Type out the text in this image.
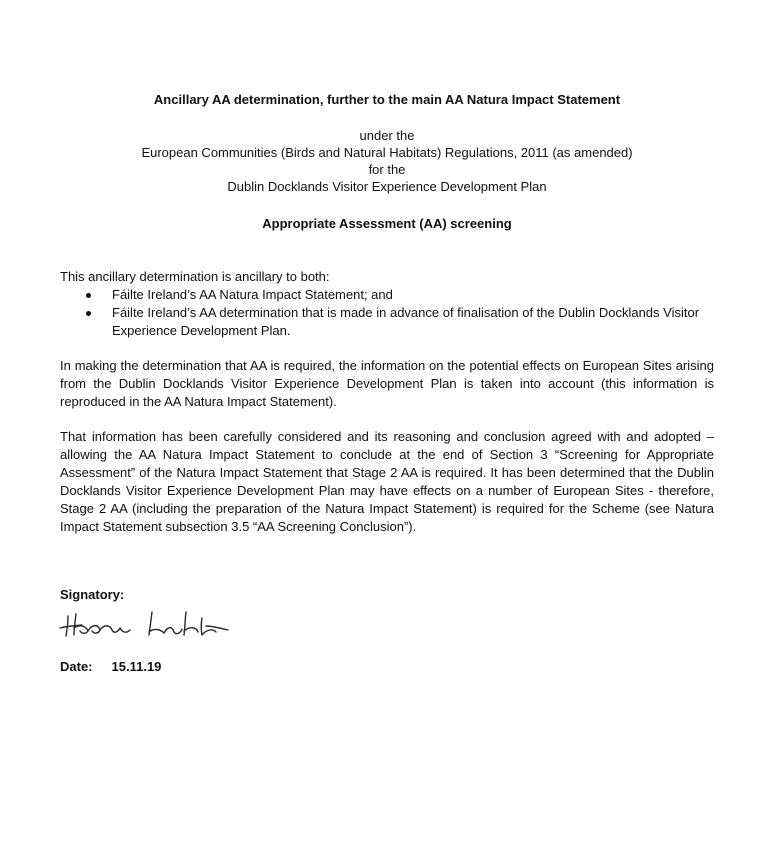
Ancillary AA determination, further to the main AA Natura Impact Statement
under the
European Communities (Birds and Natural Habitats) Regulations, 2011 (as amended)
for the
Dublin Docklands Visitor Experience Development Plan
Appropriate Assessment (AA) screening
This ancillary determination is ancillary to both:
Fáilte Ireland’s AA Natura Impact Statement; and
Fáilte Ireland’s AA determination that is made in advance of finalisation of the Dublin Docklands Visitor Experience Development Plan.
In making the determination that AA is required, the information on the potential effects on European Sites arising from the Dublin Docklands Visitor Experience Development Plan is taken into account (this information is reproduced in the AA Natura Impact Statement).
That information has been carefully considered and its reasoning and conclusion agreed with and adopted – allowing the AA Natura Impact Statement to conclude at the end of Section 3 “Screening for Appropriate Assessment” of the Natura Impact Statement that Stage 2 AA is required. It has been determined that the Dublin Docklands Visitor Experience Development Plan may have effects on a number of European Sites - therefore, Stage 2 AA (including the preparation of the Natura Impact Statement) is required for the Scheme (see Natura Impact Statement subsection 3.5 “AA Screening Conclusion”).
Signatory:
Date: 15.11.19
